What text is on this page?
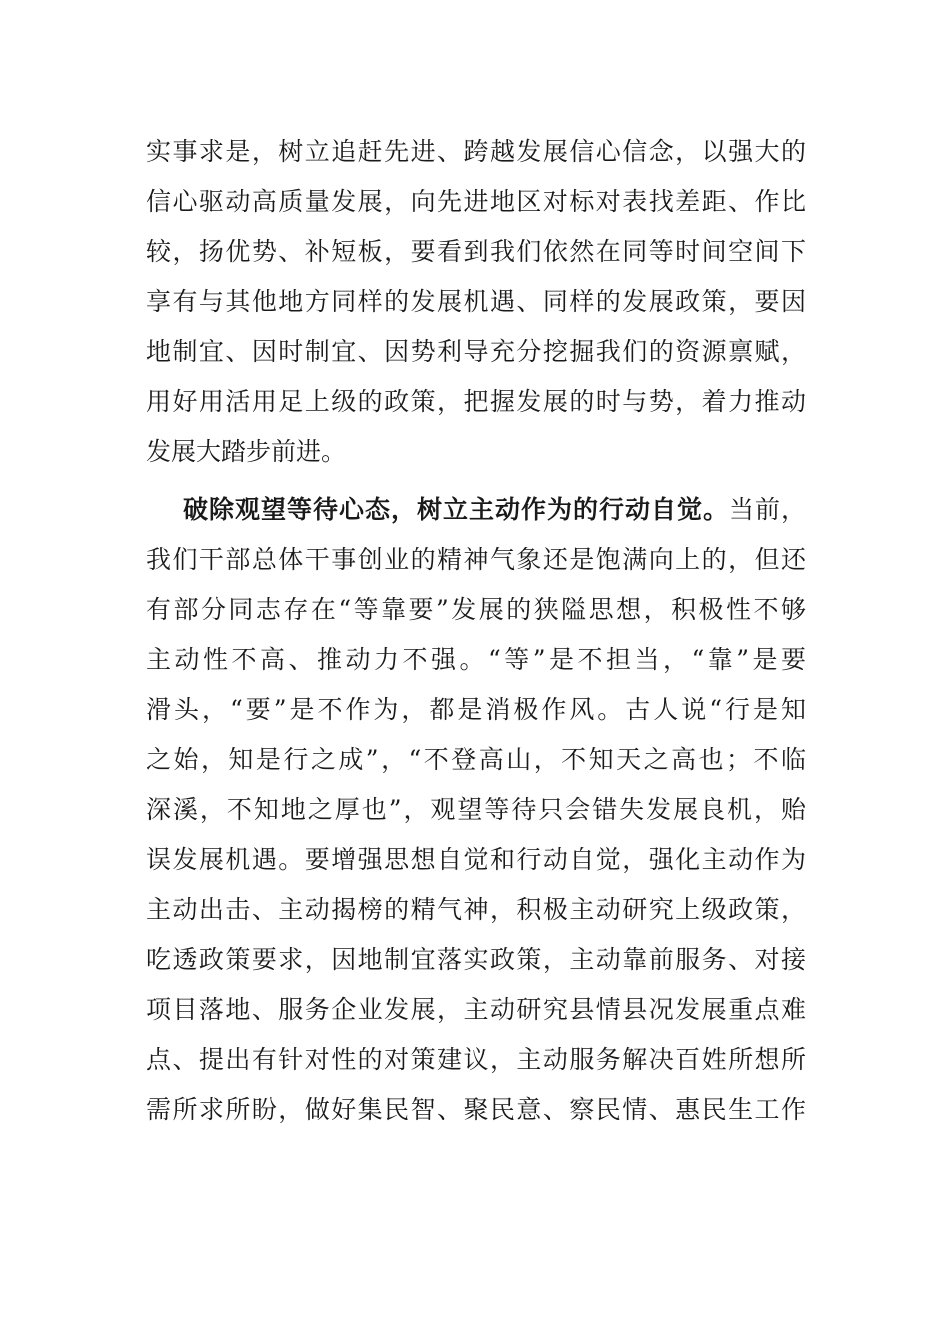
实事求是，树立追赶先进、跨越发展信心信念，以强大的
信心驱动高质量发展，向先进地区对标对表找差距、作比
较，扬优势、补短板，要看到我们依然在同等时间空间下
享有与其他地方同样的发展机遇、同样的发展政策，要因
地制宜、因时制宜、因势利导充分挖掘我们的资源禀赋，
用好用活用足上级的政策，把握发展的时与势，着力推动
发展大踏步前进。
破除观望等待心态，树立主动作为的行动自觉。当前，
我们干部总体干事创业的精神气象还是饱满向上的，但还
有部分同志存在“等靠要”发展的狭隘思想，积极性不够
主动性不高、推动力不强。“等”是不担当，“靠”是要
滑头，“要”是不作为，都是消极作风。古人说“行是知
之始，知是行之成”，“不登高山，不知天之高也；不临
深溪，不知地之厚也”，观望等待只会错失发展良机，贻
误发展机遇。要增强思想自觉和行动自觉，强化主动作为
主动出击、主动揭榜的精气神，积极主动研究上级政策，
吃透政策要求，因地制宜落实政策，主动靠前服务、对接
项目落地、服务企业发展，主动研究县情县况发展重点难
点、提出有针对性的对策建议，主动服务解决百姓所想所
需所求所盼，做好集民智、聚民意、察民情、惠民生工作
